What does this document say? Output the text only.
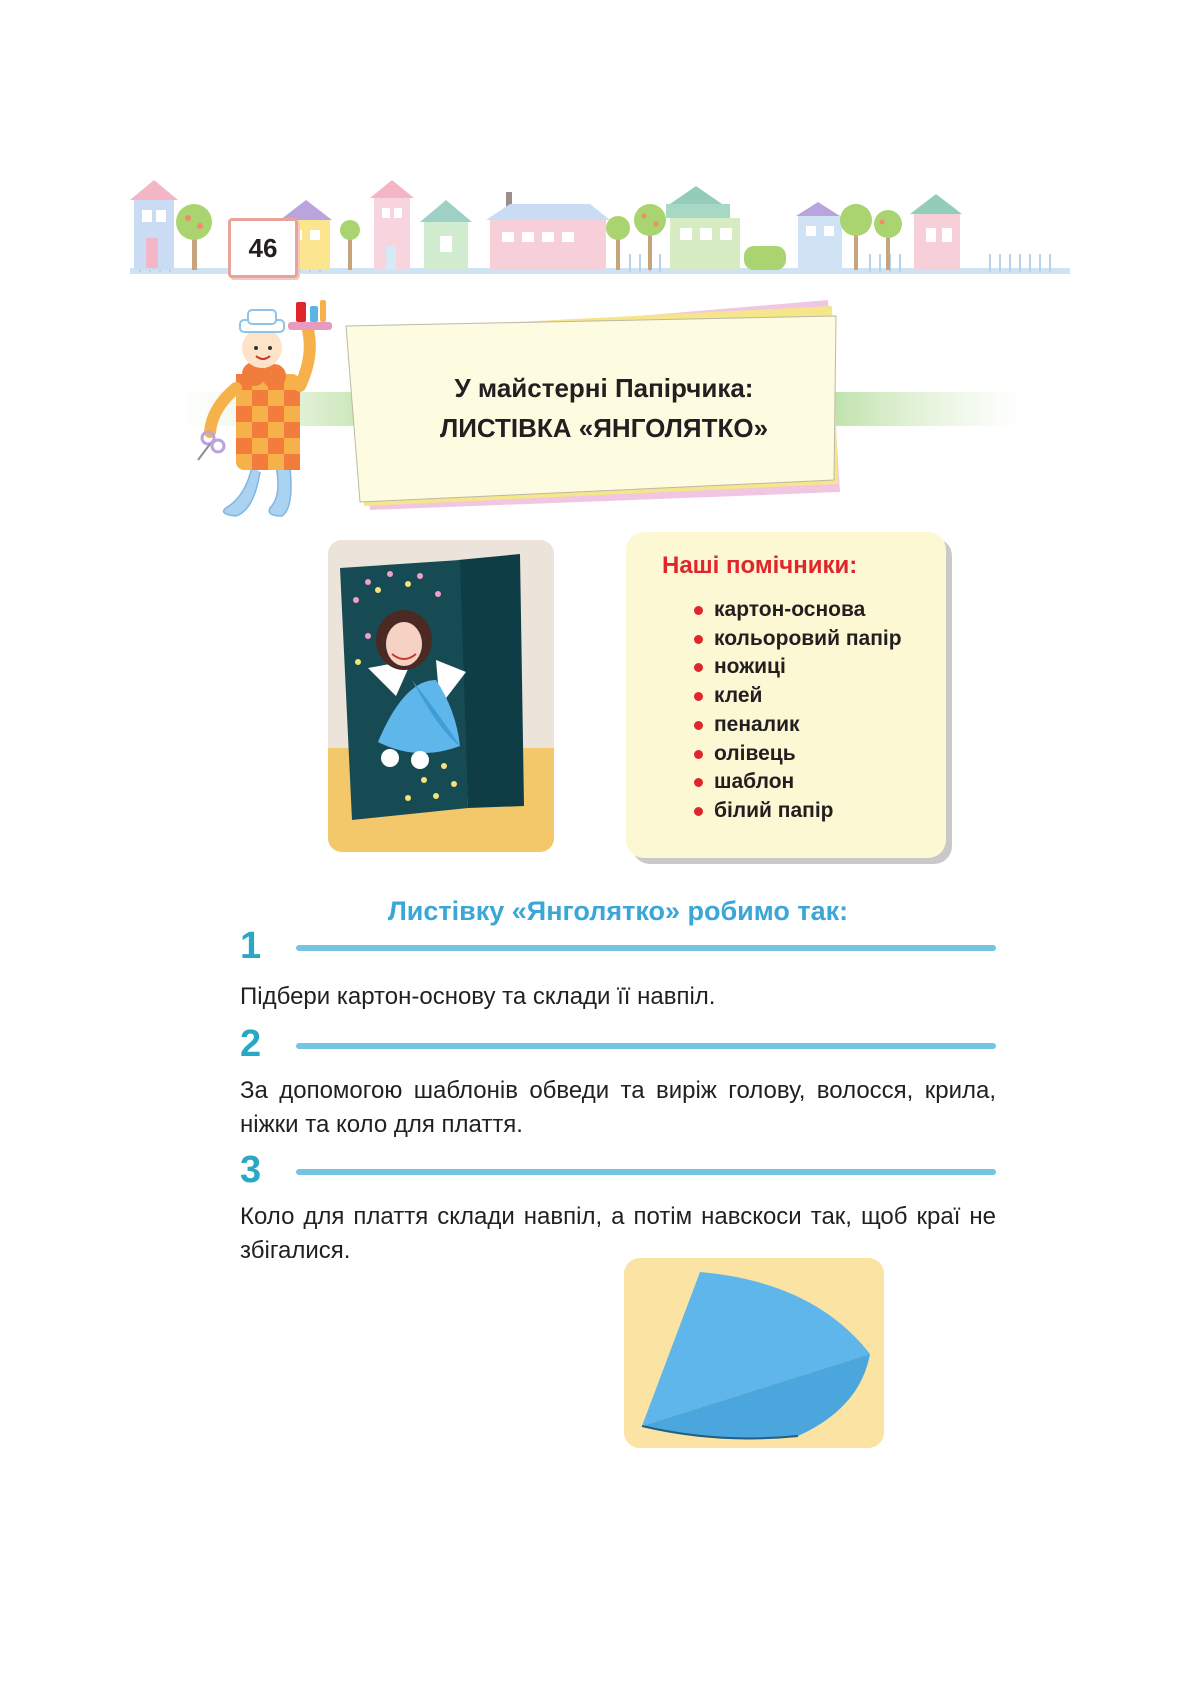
46
У майстерні Папірчика:
ЛИСТІВКА «ЯНГОЛЯТКО»
Наші помічники:
картон-основа
кольоровий папір
ножиці
клей
пеналик
олівець
шаблон
білий папір
Листівку «Янголятко» робимо так:
1
Підбери картон-основу та склади її навпіл.
2
За допомогою шаблонів обведи та виріж голову, волосся, крила, ніжки та коло для плаття.
3
Коло для плаття склади навпіл, а потім навскоси так, щоб краї не збігалися.
